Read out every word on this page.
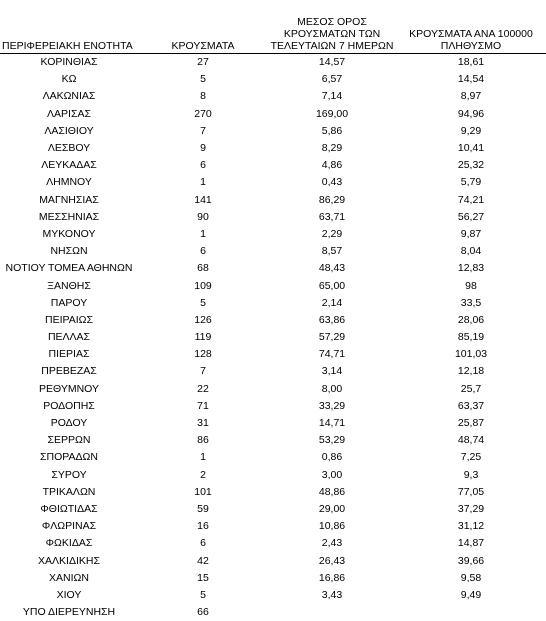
ΠΕΡΙΦΕΡΕΙΑΚΗ ΕΝΟΤΗΤΑ	ΚΡΟΥΣΜΑΤΑ	ΜΕΣΟΣ ΟΡΟΣ
ΚΡΟΥΣΜΑΤΩΝ ΤΩΝ
ΤΕΛΕΥΤΑΙΩΝ 7 ΗΜΕΡΩΝ	ΚΡΟΥΣΜΑΤΑ ΑΝΑ 100000
ΠΛΗΘΥΣΜΟ

ΚΟΡΙΝΘΙΑΣ	27	14,57	18,61
ΚΩ	5	6,57	14,54
ΛΑΚΩΝΙΑΣ	8	7,14	8,97
ΛΑΡΙΣΑΣ	270	169,00	94,96
ΛΑΣΙΘΙΟΥ	7	5,86	9,29
ΛΕΣΒΟΥ	9	8,29	10,41
ΛΕΥΚΑΔΑΣ	6	4,86	25,32
ΛΗΜΝΟΥ	1	0,43	5,79
ΜΑΓΝΗΣΙΑΣ	141	86,29	74,21
ΜΕΣΣΗΝΙΑΣ	90	63,71	56,27
ΜΥΚΟΝΟΥ	1	2,29	9,87
ΝΗΣΩΝ	6	8,57	8,04
ΝΟΤΙΟΥ ΤΟΜΕΑ ΑΘΗΝΩΝ	68	48,43	12,83
ΞΑΝΘΗΣ	109	65,00	98
ΠΑΡΟΥ	5	2,14	33,5
ΠΕΙΡΑΙΩΣ	126	63,86	28,06
ΠΕΛΛΑΣ	119	57,29	85,19
ΠΙΕΡΙΑΣ	128	74,71	101,03
ΠΡΕΒΕΖΑΣ	7	3,14	12,18
ΡΕΘΥΜΝΟΥ	22	8,00	25,7
ΡΟΔΟΠΗΣ	71	33,29	63,37
ΡΟΔΟΥ	31	14,71	25,87
ΣΕΡΡΩΝ	86	53,29	48,74
ΣΠΟΡΑΔΩΝ	1	0,86	7,25
ΣΥΡΟΥ	2	3,00	9,3
ΤΡΙΚΑΛΩΝ	101	48,86	77,05
ΦΘΙΩΤΙΔΑΣ	59	29,00	37,29
ΦΛΩΡΙΝΑΣ	16	10,86	31,12
ΦΩΚΙΔΑΣ	6	2,43	14,87
ΧΑΛΚΙΔΙΚΗΣ	42	26,43	39,66
ΧΑΝΙΩΝ	15	16,86	9,58
ΧΙΟΥ	5	3,43	9,49
ΥΠΟ ΔΙΕΡΕΥΝΗΣΗ	66		
